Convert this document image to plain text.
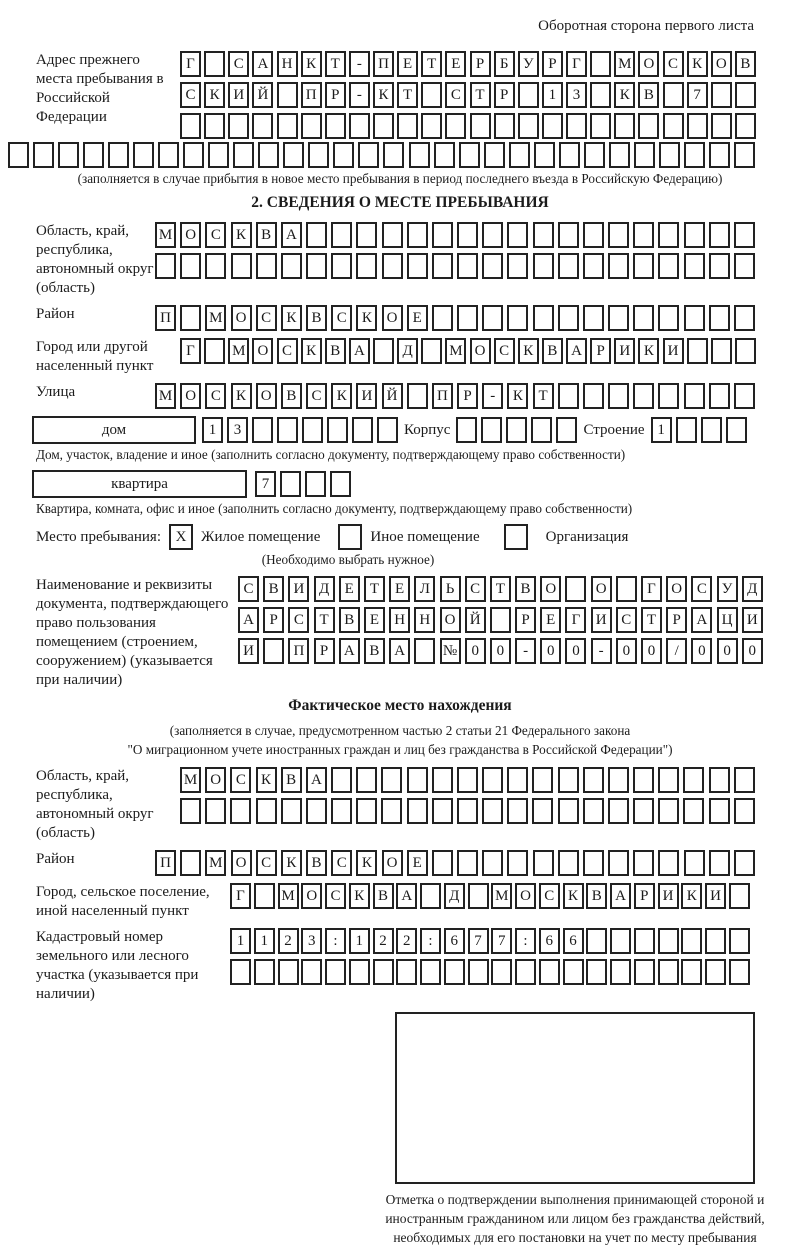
Оборотная сторона первого листа
Адрес прежнего места пребывания в Российской Федерации
Г	С А Н К Т	-	П Е Т Е	Р	Б У Р	Г	М О С К О В
С К И Й	П Р	-	К Т	С Т	Р	1	3	К В	7
(заполняется в случае прибытия в новое место пребывания в период последнего въезда в Российскую Федерацию)
2. СВЕДЕНИЯ О МЕСТЕ ПРЕБЫВАНИЯ
Область, край, республика, автономный округ (область)
М О С	К	В А
Район	П	М О С	К	В	С	К О	Е
Город или другой населенный пункт
Г	М О С К В А	Д	М О С К В А Р И К И
Улица	М О С	К О В	С	К И Й	П	Р	-	К	Т
дом	1	3	Корпус	Строение 1
Дом, участок, владение и иное (заполнить согласно документу, подтверждающему право собственности)
квартира	7
Квартира, комната, офис и иное (заполнить согласно документу, подтверждающему право собственности)
Место пребывания: X Жилое помещение	Иное помещение	Организация
(Необходимо выбрать нужное)
Наименование и реквизиты документа, подтверждающего право пользования помещением (строением, сооружением) (указывается при наличии)
С	В И Д	Е	Т	Е	Л	Ь	С	Т	В О	О	Г	О С У Д
А	Р	С	Т	В	Е	Н Н О Й	Р	Е	Г	И С	Т	Р	А Ц И
И	П	Р	А В А	№ 0	0	-	0	0	-	0	0	/	0	0	0
Фактическое место нахождения
(заполняется в случае, предусмотренном частью 2 статьи 21 Федерального закона
"О миграционном учете иностранных граждан и лиц без гражданства в Российской Федерации")
Область, край, республика, автономный округ (область)
М О С	К	В А
Район	П	М О С	К	В	С	К О	Е
Город, сельское поселение, иной населенный пункт
Г	М О С К В А	Д	М О С К В А Р И К И
Кадастровый номер земельного или лесного участка (указывается при наличии)
1	1	2	3	:	1	2	2	:	6	7	7	:	6	6
Отметка о подтверждении выполнения принимающей стороной и иностранным гражданином или лицом без гражданства действий, необходимых для его постановки на учет по месту пребывания
